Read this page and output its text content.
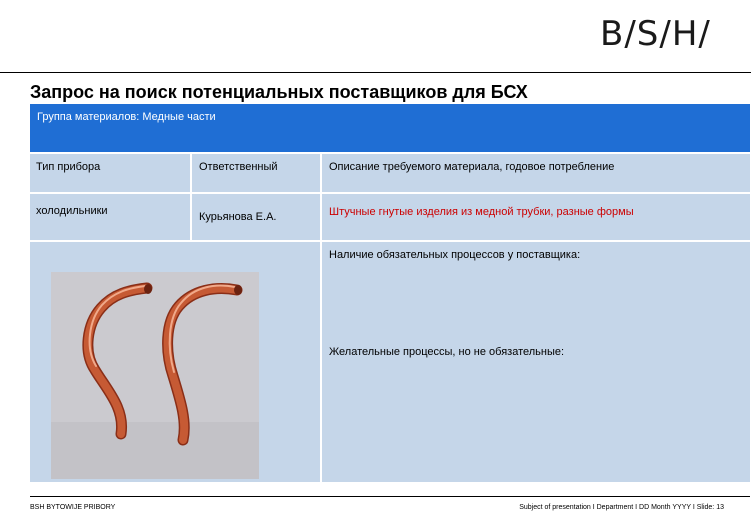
B/S/H/
Запрос на поиск потенциальных поставщиков для БСХ
Группа материалов: Медные части
Тип прибора	Ответственный	Описание требуемого материала, годовое потребление
холодильники	Курьянова Е.А.	Штучные гнутые изделия из медной трубки, разные формы
Наличие обязательных процессов у поставщика:
Желательные процессы, но не обязательные:
BSH BYTOWIJE PRIBORY	Subject of presentation I Department I DD Month YYYY I Slide: 13
